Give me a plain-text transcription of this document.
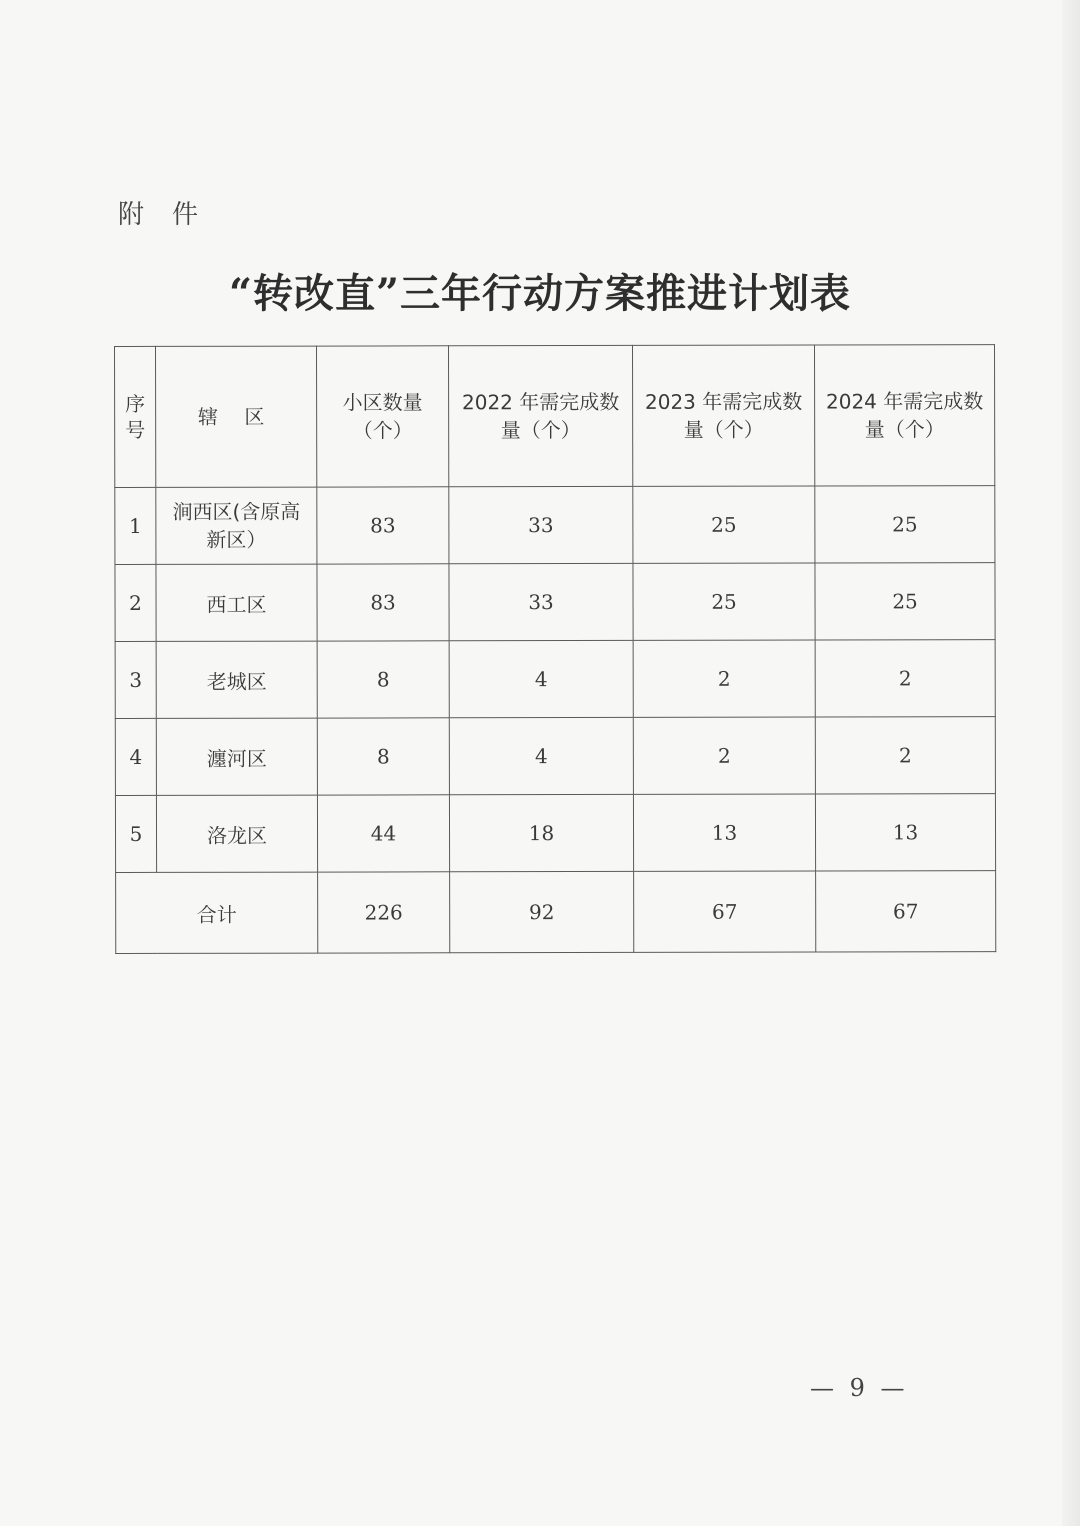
附件
“转改直”三年行动方案推进计划表
序号	辖 区	小区数量（个）	2022 年需完成数量（个）	2023 年需完成数量（个）	2024 年需完成数量（个）

1	涧西区(含原高新区）	83	33	25	25
2	西工区	83	33	25	25
3	老城区	8	4	2	2
4	瀍河区	8	4	2	2
5	洛龙区	44	18	13	13
合计		226	92	67	67
— 9 —
